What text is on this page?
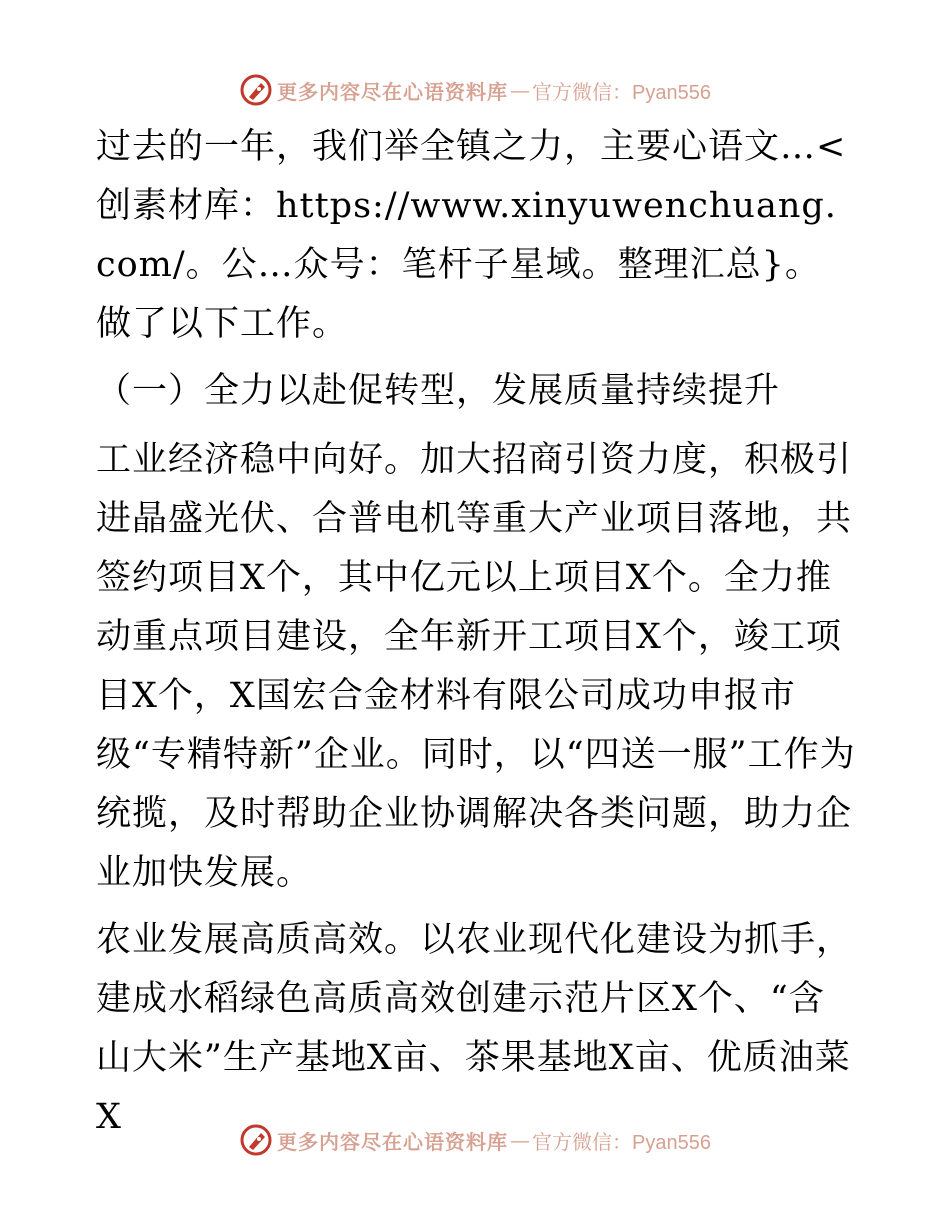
更多内容尽在心语资料库 — 官方微信：Pyan556

过去的一年，我们举全镇之力，主要心语文…<创素材库：https://www.xinyuwenchuang.com/。公…众号：笔杆子星域。整理汇总}。做了以下工作。

（一）全力以赴促转型，发展质量持续提升

工业经济稳中向好。加大招商引资力度，积极引进晶盛光伏、合普电机等重大产业项目落地，共签约项目X个，其中亿元以上项目X个。全力推动重点项目建设，全年新开工项目X个，竣工项目X个，X国宏合金材料有限公司成功申报市级“专精特新”企业。同时，以“四送一服”工作为统揽，及时帮助企业协调解决各类问题，助力企业加快发展。

农业发展高质高效。以农业现代化建设为抓手，建成水稻绿色高质高效创建示范片区X个、“含山大米”生产基地X亩、茶果基地X亩、优质油菜X

更多内容尽在心语资料库 — 官方微信：Pyan556
